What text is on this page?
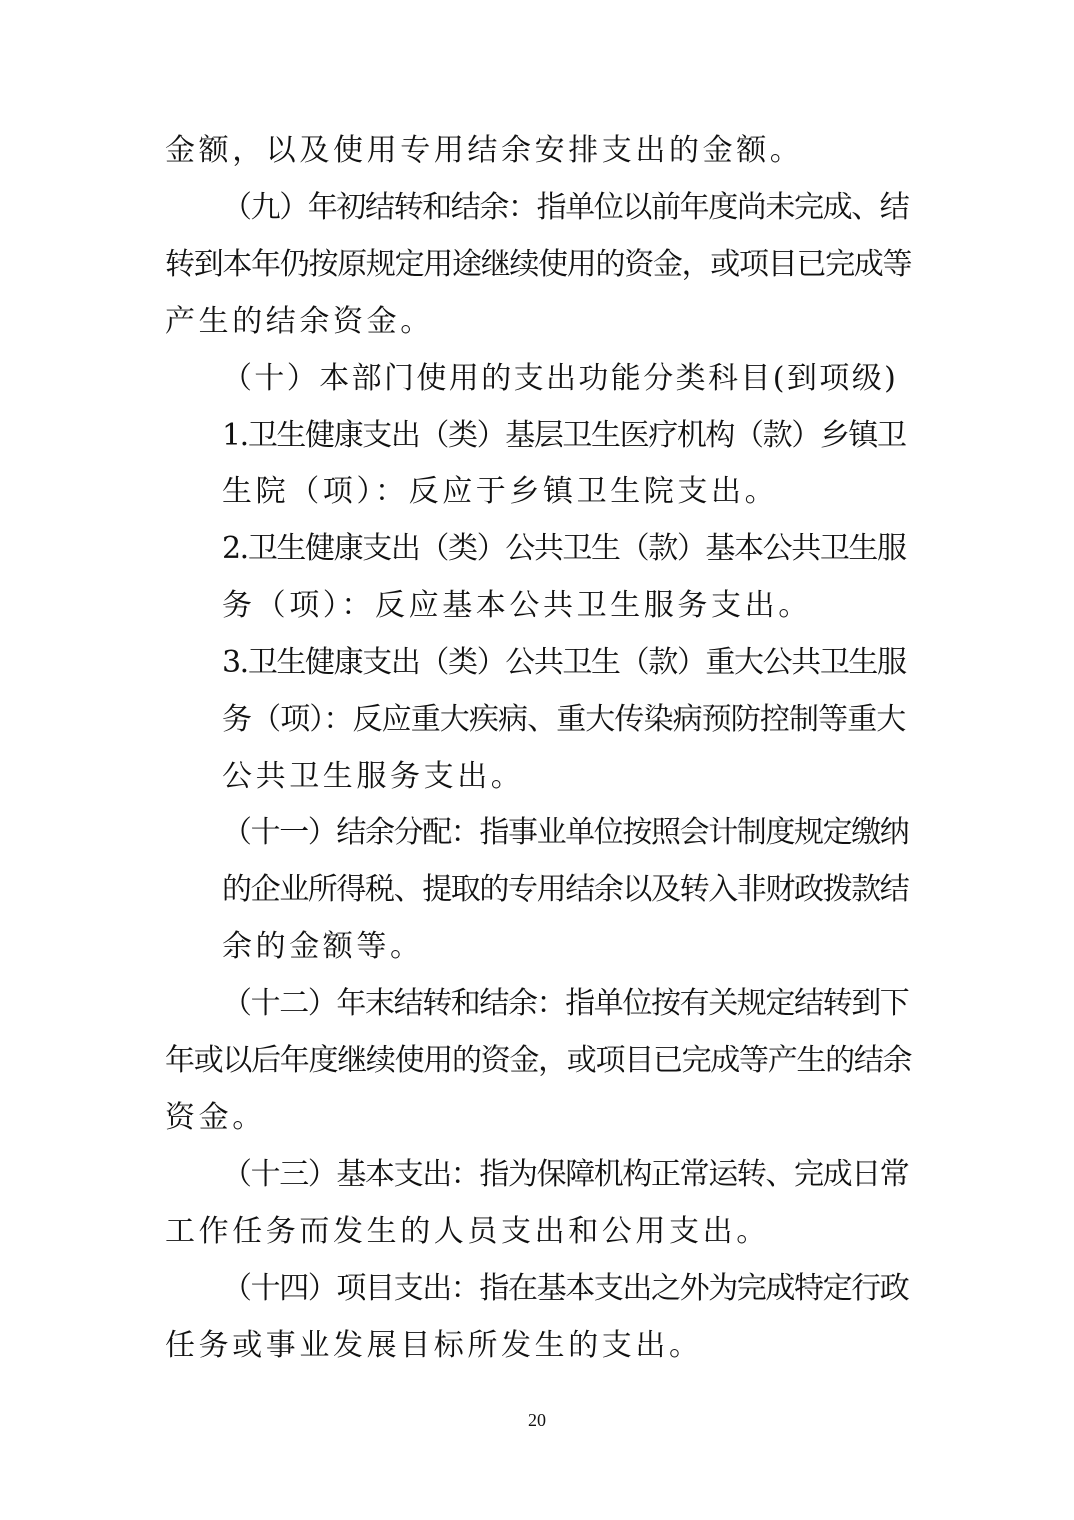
金额，以及使用专用结余安排支出的金额。
（九）年初结转和结余：指单位以前年度尚未完成、结
转到本年仍按原规定用途继续使用的资金，或项目已完成等
产生的结余资金。
（十）本部门使用的支出功能分类科目(到项级)
1.卫生健康支出（类）基层卫生医疗机构（款）乡镇卫
生院（项）：反应于乡镇卫生院支出。
2.卫生健康支出（类）公共卫生（款）基本公共卫生服
务（项）：反应基本公共卫生服务支出。
3.卫生健康支出（类）公共卫生（款）重大公共卫生服
务（项）：反应重大疾病、重大传染病预防控制等重大
公共卫生服务支出。
（十一）结余分配：指事业单位按照会计制度规定缴纳
的企业所得税、提取的专用结余以及转入非财政拨款结
余的金额等。
（十二）年末结转和结余：指单位按有关规定结转到下
年或以后年度继续使用的资金，或项目已完成等产生的结余
资金。
（十三）基本支出：指为保障机构正常运转、完成日常
工作任务而发生的人员支出和公用支出。
（十四）项目支出：指在基本支出之外为完成特定行政
任务或事业发展目标所发生的支出。
20
